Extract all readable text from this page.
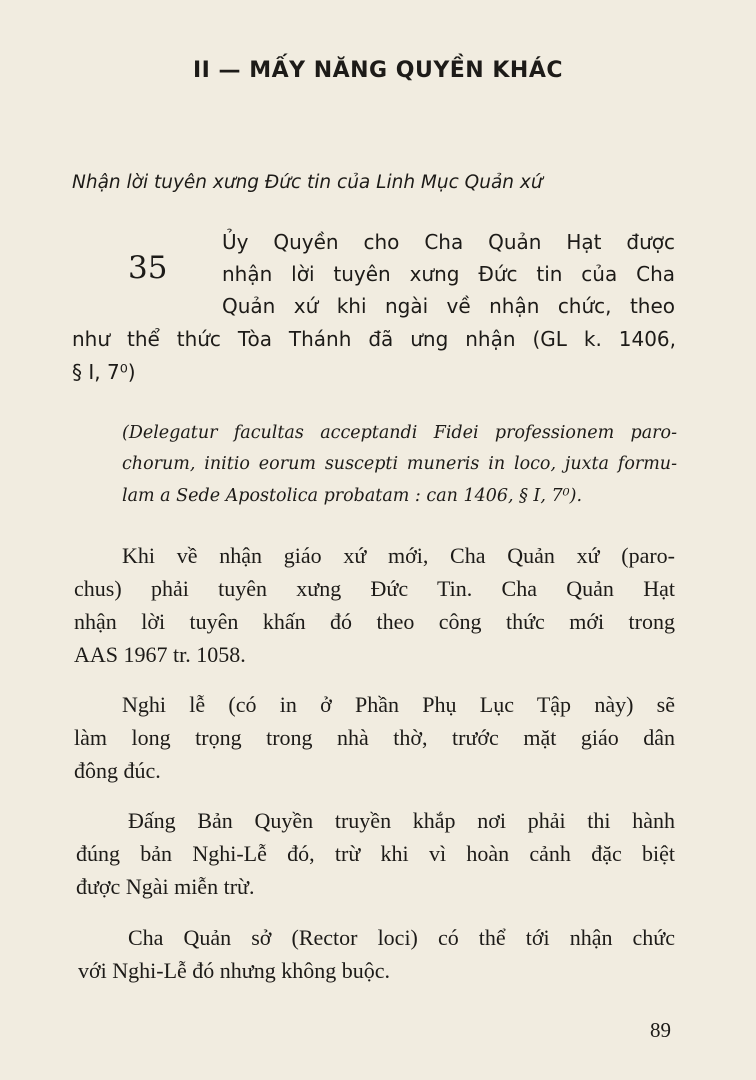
II — MẤY NĂNG QUYỀN KHÁC
Nhận lời tuyên xưng Đức tin của Linh Mục Quản xứ
35
Ủy Quyền cho Cha Quản Hạt được
nhận lời tuyên xưng Đức tin của Cha
Quản xứ khi ngài về nhận chức, theo
như thể thức Tòa Thánh đã ưng nhận (GL k. 1406,
§ I, 7⁰)
(Delegatur facultas acceptandi Fidei professionem paro-
chorum, initio eorum suscepti muneris in loco, juxta formu-
lam a Sede Apostolica probatam : can 1406, § I, 7⁰).
Khi về nhận giáo xứ mới, Cha Quản xứ (paro-
chus) phải tuyên xưng Đức Tin. Cha Quản Hạt
nhận lời tuyên khấn đó theo công thức mới trong
AAS 1967 tr. 1058.
Nghi lễ (có in ở Phần Phụ Lục Tập này) sẽ
làm long trọng trong nhà thờ, trước mặt giáo dân
đông đúc.
Đấng Bản Quyền truyền khắp nơi phải thi hành
đúng bản Nghi-Lễ đó, trừ khi vì hoàn cảnh đặc biệt
được Ngài miễn trừ.
Cha Quản sở (Rector loci) có thể tới nhận chức
với Nghi-Lễ đó nhưng không buộc.
89
